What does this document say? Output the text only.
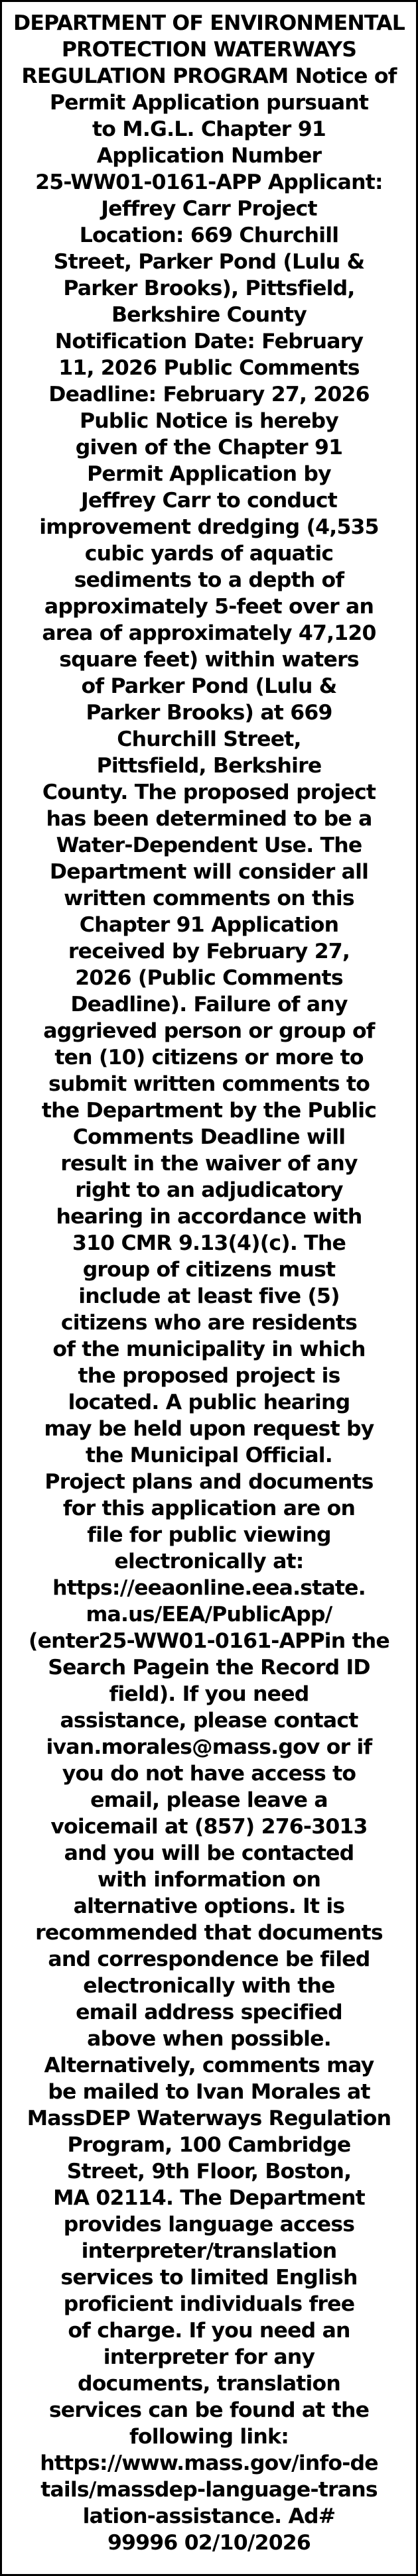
DEPARTMENT OF ENVIRONMENTAL
PROTECTION WATERWAYS
REGULATION PROGRAM Notice of
Permit Application pursuant
to M.G.L. Chapter 91
Application Number
25-WW01-0161-APP Applicant:
Jeffrey Carr Project
Location: 669 Churchill
Street, Parker Pond (Lulu &
Parker Brooks), Pittsfield,
Berkshire County
Notification Date: February
11, 2026 Public Comments
Deadline: February 27, 2026
Public Notice is hereby
given of the Chapter 91
Permit Application by
Jeffrey Carr to conduct
improvement dredging (4,535
cubic yards of aquatic
sediments to a depth of
approximately 5-feet over an
area of approximately 47,120
square feet) within waters
of Parker Pond (Lulu &
Parker Brooks) at 669
Churchill Street,
Pittsfield, Berkshire
County. The proposed project
has been determined to be a
Water-Dependent Use. The
Department will consider all
written comments on this
Chapter 91 Application
received by February 27,
2026 (Public Comments
Deadline). Failure of any
aggrieved person or group of
ten (10) citizens or more to
submit written comments to
the Department by the Public
Comments Deadline will
result in the waiver of any
right to an adjudicatory
hearing in accordance with
310 CMR 9.13(4)(c). The
group of citizens must
include at least five (5)
citizens who are residents
of the municipality in which
the proposed project is
located. A public hearing
may be held upon request by
the Municipal Official.
Project plans and documents
for this application are on
file for public viewing
electronically at:
https://eeaonline.eea.state.
ma.us/EEA/PublicApp/
(enter25-WW01-0161-APPin the
Search Pagein the Record ID
field). If you need
assistance, please contact
ivan.morales@mass.gov or if
you do not have access to
email, please leave a
voicemail at (857) 276-3013
and you will be contacted
with information on
alternative options. It is
recommended that documents
and correspondence be filed
electronically with the
email address specified
above when possible.
Alternatively, comments may
be mailed to Ivan Morales at
MassDEP Waterways Regulation
Program, 100 Cambridge
Street, 9th Floor, Boston,
MA 02114. The Department
provides language access
interpreter/translation
services to limited English
proficient individuals free
of charge. If you need an
interpreter for any
documents, translation
services can be found at the
following link:
https://www.mass.gov/info-de
tails/massdep-language-trans
lation-assistance. Ad#
99996 02/10/2026
